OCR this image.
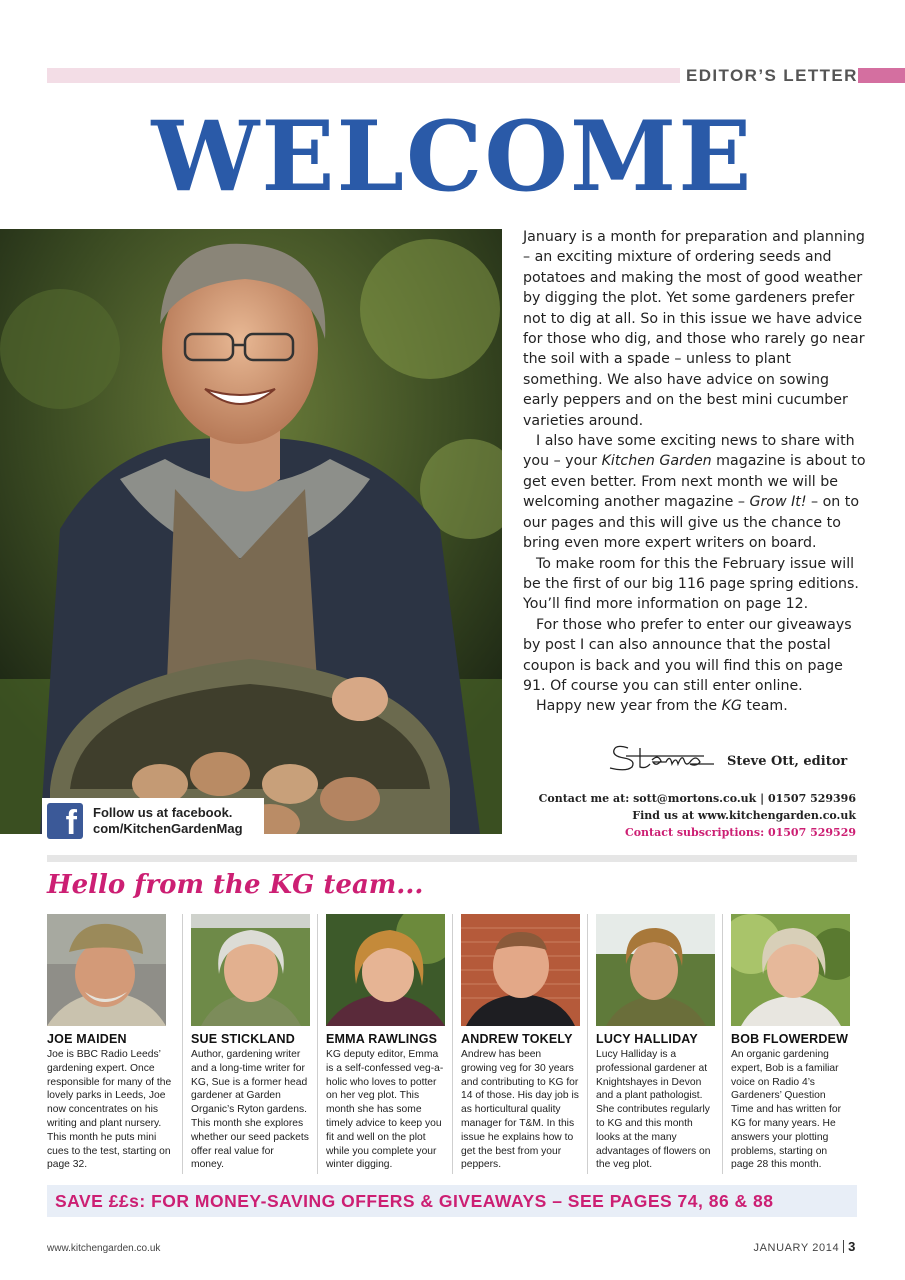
EDITOR’S LETTER
WELCOME
f	Follow us at facebook.
com/KitchenGardenMag

January is a month for preparation and planning – an exciting mixture of ordering seeds and potatoes and making the most of good weather by digging the plot. Yet some gardeners prefer not to dig at all. So in this issue we have advice for those who dig, and those who rarely go near the soil with a spade – unless to plant something. We also have advice on sowing early peppers and on the best mini cucumber varieties around.

I also have some exciting news to share with you – your Kitchen Garden magazine is about to get even better. From next month we will be welcoming another magazine – Grow It! – on to our pages and this will give us the chance to bring even more expert writers on board.

To make room for this the February issue will be the first of our big 116 page spring editions. You’ll find more information on page 12.

For those who prefer to enter our giveaways by post I can also announce that the postal coupon is back and you will find this on page 91. Of course you can still enter online.

Happy new year from the KG team.

Steve Ott, editor
Contact me at: sott@mortons.co.uk | 01507 529396
Find us at www.kitchengarden.co.uk
Contact subscriptions: 01507 529529
Hello from the KG team...
JOE MAIDEN
Joe is BBC Radio Leeds’ gardening expert. Once responsible for many of the lovely parks in Leeds, Joe now concentrates on his writing and plant nursery. This month he puts mini cues to the test, starting on page 32.
SUE STICKLAND
Author, gardening writer and a long-time writer for KG, Sue is a former head gardener at Garden Organic’s Ryton gardens. This month she explores whether our seed packets offer real value for money.
EMMA RAWLINGS
KG deputy editor, Emma is a self-confessed veg-a-holic who loves to potter on her veg plot. This month she has some timely advice to keep you fit and well on the plot while you complete your winter digging.
ANDREW TOKELY
Andrew has been growing veg for 30 years and contributing to KG for 14 of those. His day job is as horticultural quality manager for T&M. In this issue he explains how to get the best from your peppers.
LUCY HALLIDAY
Lucy Halliday is a professional gardener at Knightshayes in Devon and a plant pathologist. She contributes regularly to KG and this month looks at the many advantages of flowers on the veg plot.
BOB FLOWERDEW
An organic gardening expert, Bob is a familiar voice on Radio 4’s Gardeners’ Question Time and has written for KG for many years. He answers your plotting problems, starting on page 28 this month.
SAVE ££s: FOR MONEY-SAVING OFFERS & GIVEAWAYS – SEE PAGES 74, 86 & 88
www.kitchengarden.co.uk	JANUARY 2014 3
